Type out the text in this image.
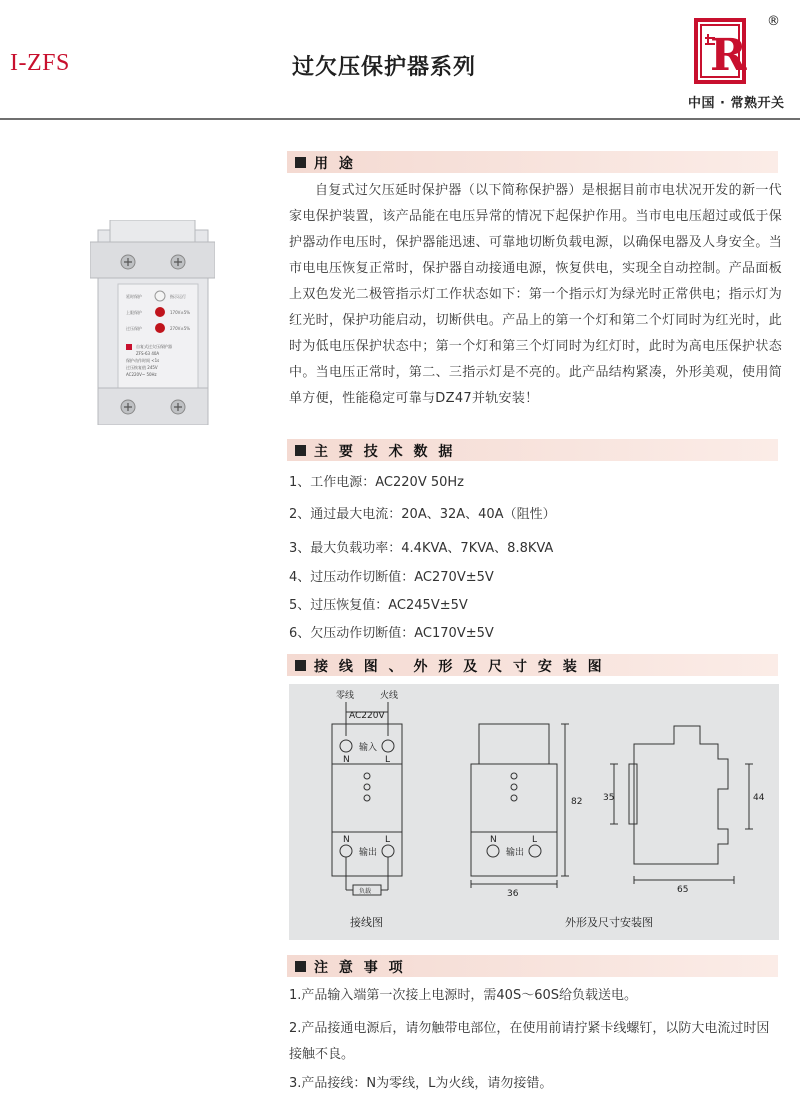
I-ZFS	过欠压保护器系列	R
®
中国 · 常熟开关
延时保护	指示运行
上限保护	170V±5%
过压保护	270V±5%
自复式过欠压保护器
ZFS-63 40A
保护动作时间 <1s
过压恢复值 245V
AC220V~ 50Hz
用 途
自复式过欠压延时保护器（以下简称保护器）是根据目前市电状况开发的新一代家电保护装置，该产品能在电压异常的情况下起保护作用。当市电电压超过或低于保护器动作电压时，保护器能迅速、可靠地切断负载电源，以确保电器及人身安全。当市电电压恢复正常时，保护器自动接通电源，恢复供电，实现全自动控制。产品面板上双色发光二极管指示灯工作状态如下：第一个指示灯为绿光时正常供电；指示灯为红光时，保护功能启动，切断供电。产品上的第一个灯和第二个灯同时为红光时，此时为低电压保护状态中；第一个灯和第三个灯同时为红灯时，此时为高电压保护状态中。当电压正常时，第二、三指示灯是不亮的。此产品结构紧凑，外形美观，使用简单方便，性能稳定可靠与DZ47并轨安装！
主 要 技 术 数 据
1、工作电源：AC220V 50Hz
2、通过最大电流：20A、32A、40A（阻性）
3、最大负载功率：4.4KVA、7KVA、8.8KVA
4、过压动作切断值：AC270V±5V
5、过压恢复值：AC245V±5V
6、欠压动作切断值：AC170V±5V
接 线 图 、 外 形 及 尺 寸 安 装 图
零线	火线
AC220V
输入
N	L
N	L
输出
负载
N	L
输出
82
36
35	44
65
接线图	外形及尺寸安装图
注 意 事 项
1.产品输入端第一次接上电源时，需40S～60S给负载送电。
2.产品接通电源后，请勿触带电部位，在使用前请拧紧卡线螺钉，以防大电流过时因接触不良。
3.产品接线：N为零线，L为火线，请勿接错。
